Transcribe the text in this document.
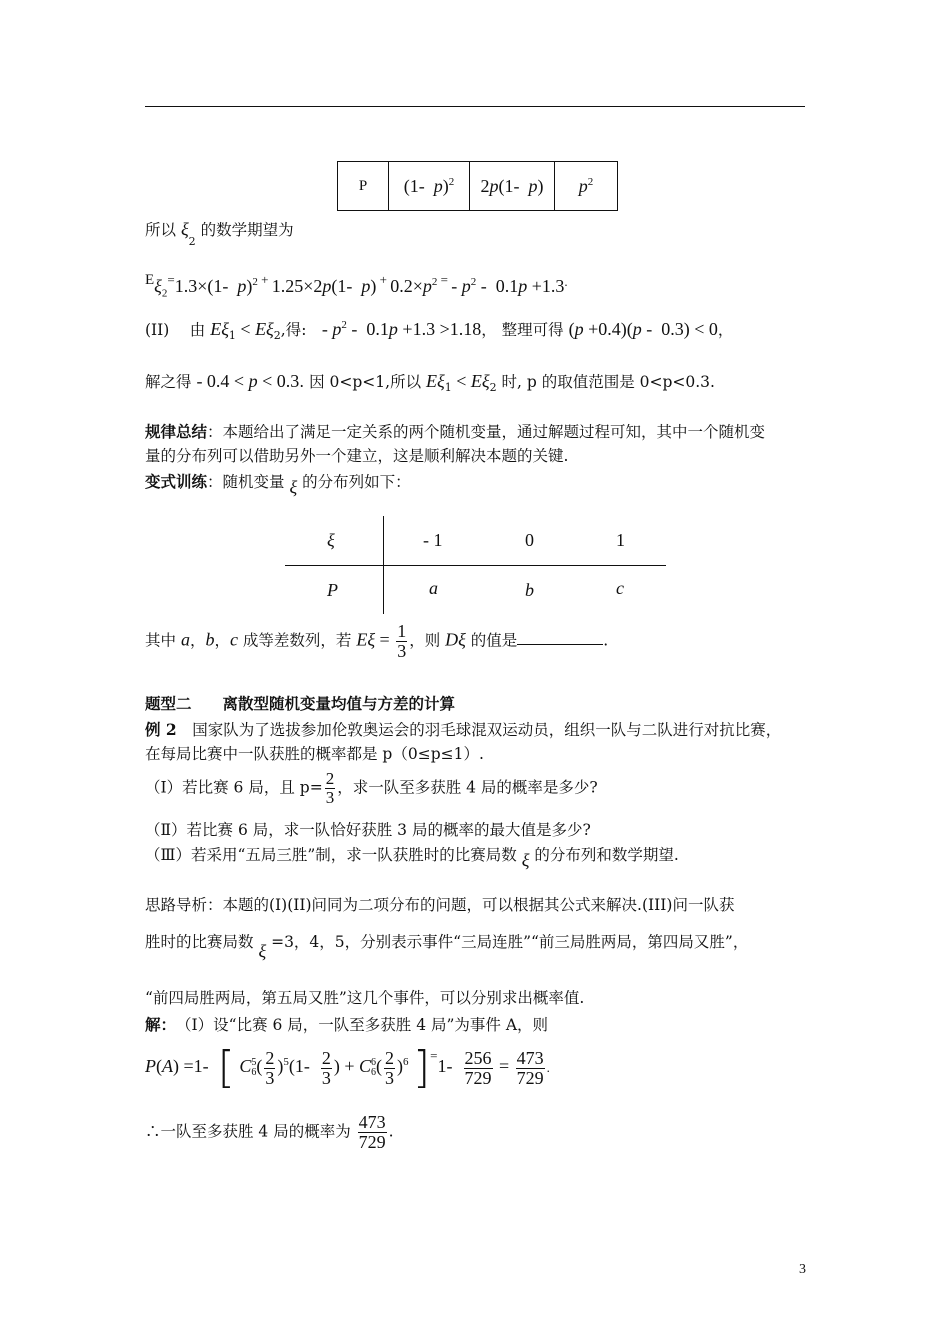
P	(1-  p)$^2$	2p(1-  p)	$p^2$
所以 $\xi_2$ 的数学期望为
$^E\xi_2^=1.3\times(1-$  p)$^2$ + 1.25×2p(1-  p) + $0.2\times p^2$ $^= - p^2 - 0.1p +1.3^.$
(II)　 由 $E\xi_1 < E\xi_2$,得:　- $p^2 - 0.1p +1.3 >1.18$， 整理可得 (p +0.4)(p -  0.3) < 0，
解之得 - 0.4 < p < 0.3. 因 0<p<1,所以 $E\xi_1 < E\xi_2$ 时, p 的取值范围是 0<p<0.3.
规律总结：本题给出了满足一定关系的两个随机变量，通过解题过程可知，其中一个随机变
量的分布列可以借助另外一个建立，这是顺利解决本题的关键.
变式训练：随机变量 ξ 的分布列如下：
ξ	- 1	0	1
P	a	b	c
其中 a，b，c 成等差数列，若 $E\xi = \frac{1}{3}$ ，则 Dξ 的值是	.
题型二　　离散型随机变量均值与方差的计算
例 2　国家队为了选拔参加伦敦奥运会的羽毛球混双运动员，组织一队与二队进行对抗比赛，
在每局比赛中一队获胜的概率都是 p（0≤p≤1）.
（Ⅰ）若比赛 6 局，且 $p= \frac{2}{3}$ ，求一队至多获胜 4 局的概率是多少?
（Ⅱ）若比赛 6 局，求一队恰好获胜 3 局的概率的最大值是多少?
（Ⅲ）若采用“五局三胜”制，求一队获胜时的比赛局数 ξ 的分布列和数学期望.
思路导析：本题的(I)(II)问同为二项分布的问题，可以根据其公式来解决.(III)问一队获
胜时的比赛局数 ξ =3，4，5，分别表示事件“三局连胜”“前三局胜两局，第四局又胜”，
“前四局胜两局，第五局又胜”这几个事件，可以分别求出概率值.
解：　 （Ⅰ）设“比赛 6 局，一队至多获胜 4 局”为事件 A，则
P(A) =1-  [ C 5
6 ( $\frac{2}{3} )^5(1- \frac{2}{3}$ ) + C 6
6 ( $\frac{2}{3} )^6$ ]$^=1- \frac{256}{729} = \frac{473}{729}$ .
∴一队至多获胜 4 局的概率为 $\frac{473}{729}$ .
3
